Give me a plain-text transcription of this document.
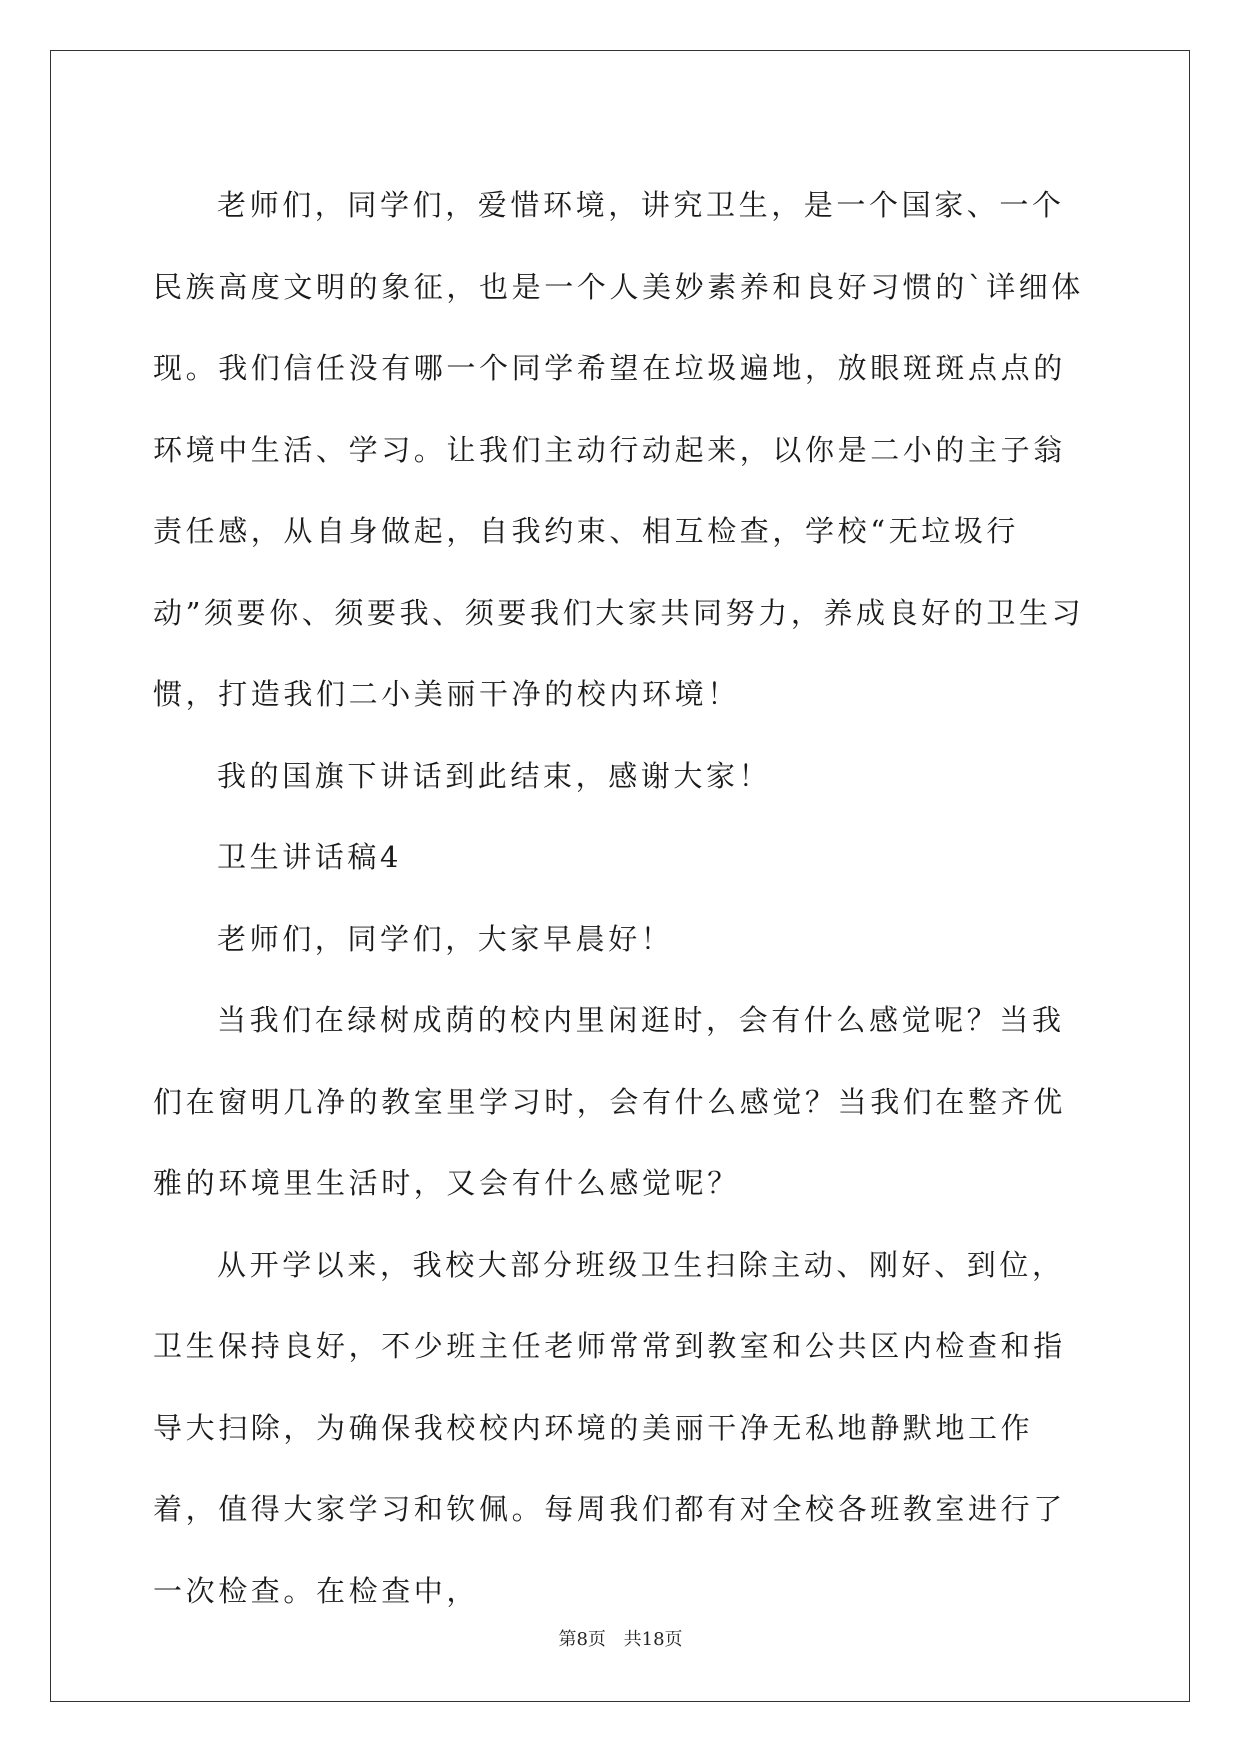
老师们，同学们，爱惜环境，讲究卫生，是一个国家、一个民族高度文明的象征，也是一个人美妙素养和良好习惯的`详细体现。我们信任没有哪一个同学希望在垃圾遍地，放眼斑斑点点的环境中生活、学习。让我们主动行动起来，以你是二小的主子翁责任感，从自身做起，自我约束、相互检查，学校“无垃圾行动”须要你、须要我、须要我们大家共同努力，养成良好的卫生习惯，打造我们二小美丽干净的校内环境！

我的国旗下讲话到此结束，感谢大家！

卫生讲话稿4

老师们，同学们，大家早晨好！

当我们在绿树成荫的校内里闲逛时，会有什么感觉呢？当我们在窗明几净的教室里学习时，会有什么感觉？当我们在整齐优雅的环境里生活时，又会有什么感觉呢？

从开学以来，我校大部分班级卫生扫除主动、刚好、到位，卫生保持良好，不少班主任老师常常到教室和公共区内检查和指导大扫除，为确保我校校内环境的美丽干净无私地静默地工作着，值得大家学习和钦佩。每周我们都有对全校各班教室进行了一次检查。在检查中，

第8页 共18页
